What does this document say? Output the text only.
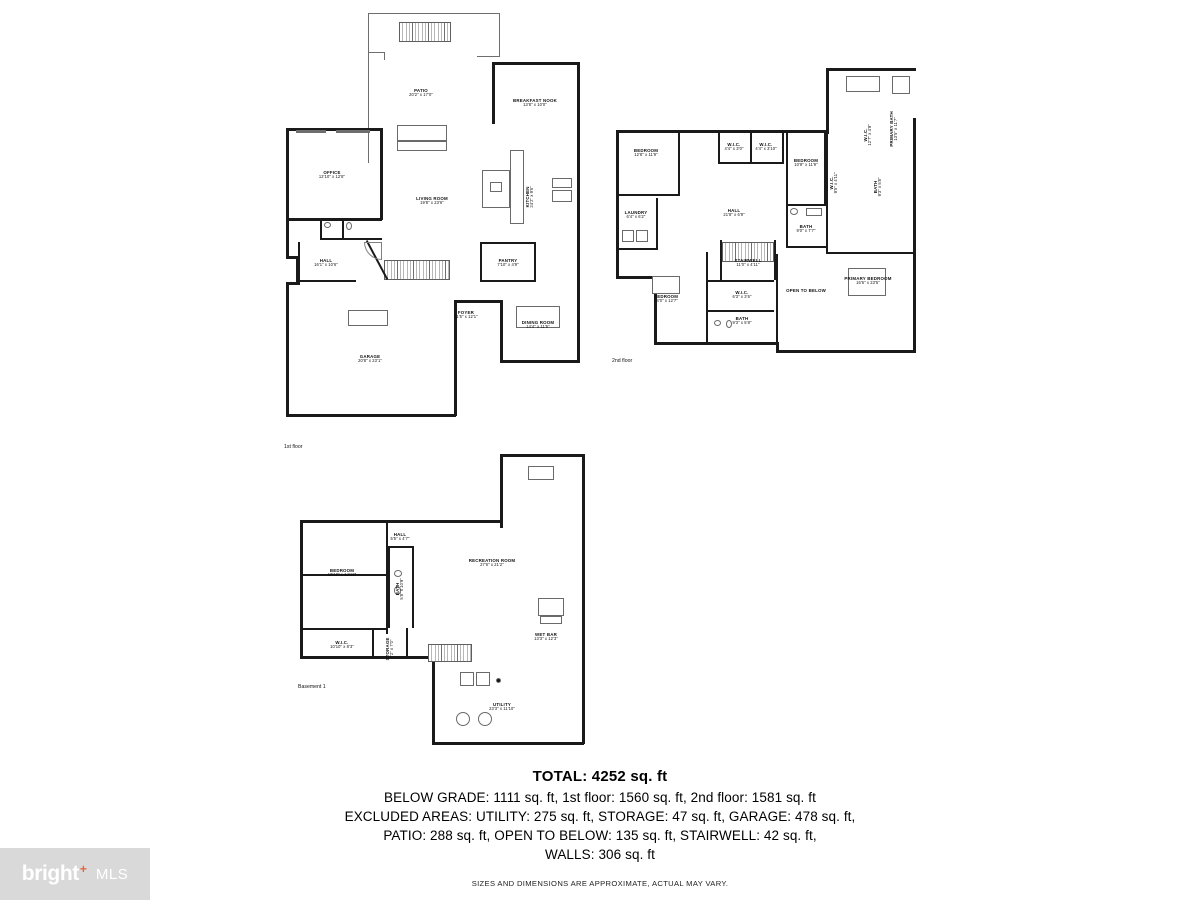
PATIO
20'2" x 17'0"
BREAKFAST NOOK
13'8" x 10'0"
OFFICE
12'10" x 12'8"
HALL
16'1" x 10'6"
LIVING ROOM
19'8" x 23'6"	KITCHEN 24'2" x 9'6"
PANTRY
7'10" x 4'9"
FOYER
11'5" x 12'1"
DINING ROOM
14'4" x 11'5"
GARAGE
20'8" x 23'1"
1st floor
BEDROOM
12'8" x 11'9"
W.I.C.
4'4" x 3'0"
W.I.C.
4'4" x 3'10"
BEDROOM
10'9" x 11'9"
BATH
9'0" x 7'7"
PRIMARY BATH 13'5" x 11'7"
W.I.C. 12'7" x 4'9"
W.I.C. 9'5" x 4'11"	BATH 9'3" x 5'8"
LAUNDRY
6'4" x 6'2"
HALL
21'8" x 6'9"
STAIRWELL
11'0" x 4'11"
OPEN TO BELOW
PRIMARY BEDROOM
16'6" x 23'5"
BEDROOM
14'0" x 12'7"
W.I.C.
6'3" x 3'6"
BATH
9'3" x 5'8"
2nd floor
BEDROOM
10'10" x 14'10"
W.I.C.
10'10" x 8'3"
HALL
5'5" x 4'7"
BATH 5'8" x 10'9"
STORAGE 7'2" x 7'0"
RECREATION ROOM
27'6" x 21'2"
WET BAR
13'3" x 12'3"
UTILITY
23'3" x 11'10"
Basement 1
TOTAL: 4252 sq. ft
BELOW GRADE: 1111 sq. ft, 1st floor: 1560 sq. ft, 2nd floor: 1581 sq. ft
EXCLUDED AREAS: UTILITY: 275 sq. ft, STORAGE: 47 sq. ft, GARAGE: 478 sq. ft,
PATIO: 288 sq. ft, OPEN TO BELOW: 135 sq. ft, STAIRWELL: 42 sq. ft,
WALLS: 306 sq. ft
SIZES AND DIMENSIONS ARE APPROXIMATE, ACTUAL MAY VARY.
bright + MLS
